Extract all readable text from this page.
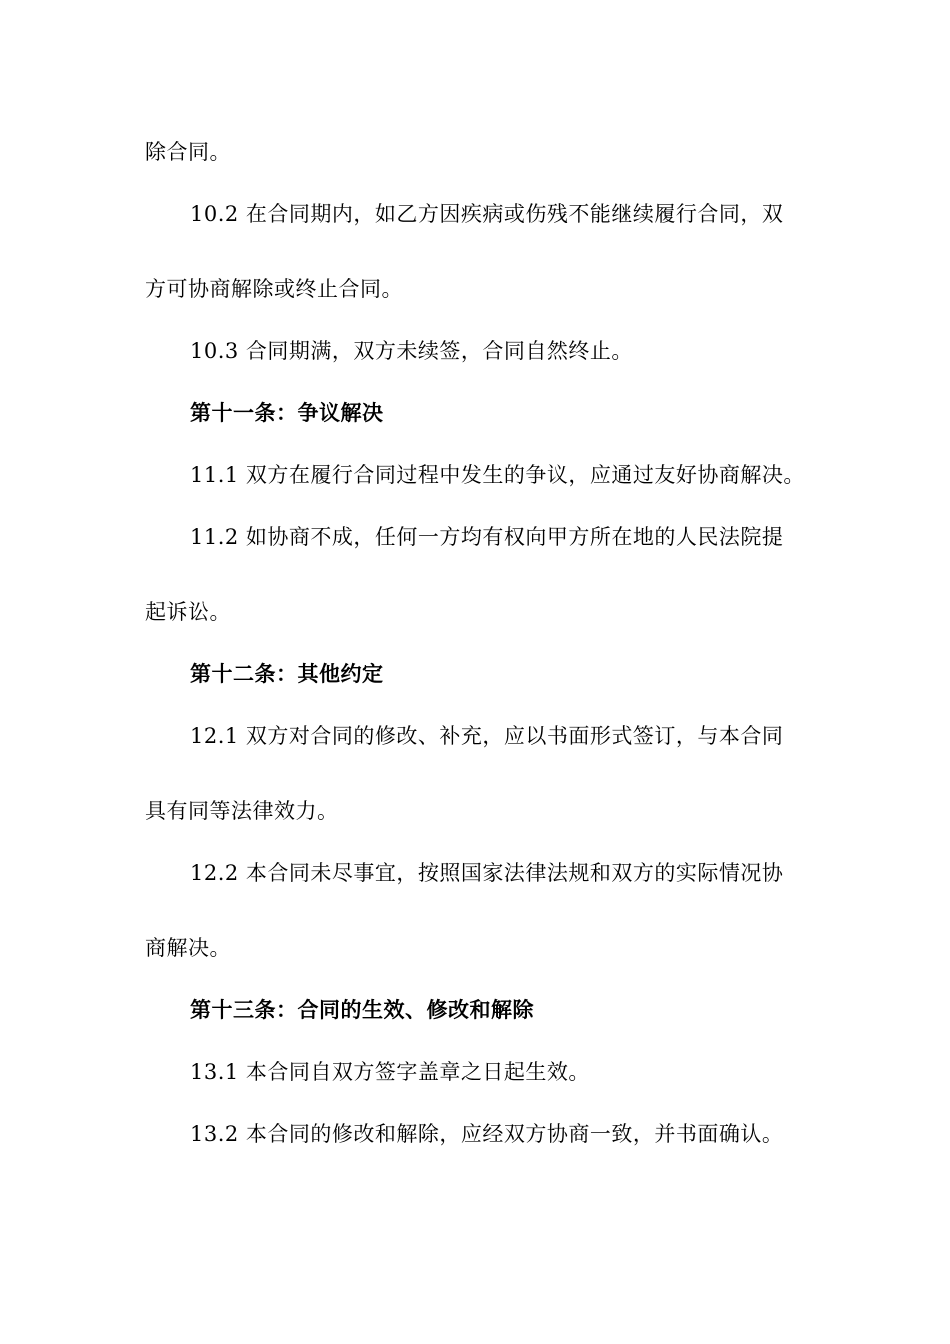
除合同。
10.2 在合同期内，如乙方因疾病或伤残不能继续履行合同，双
方可协商解除或终止合同。
10.3 合同期满，双方未续签，合同自然终止。
第十一条：争议解决
11.1 双方在履行合同过程中发生的争议，应通过友好协商解决。
11.2 如协商不成，任何一方均有权向甲方所在地的人民法院提
起诉讼。
第十二条：其他约定
12.1 双方对合同的修改、补充，应以书面形式签订，与本合同
具有同等法律效力。
12.2 本合同未尽事宜，按照国家法律法规和双方的实际情况协
商解决。
第十三条：合同的生效、修改和解除
13.1 本合同自双方签字盖章之日起生效。
13.2 本合同的修改和解除，应经双方协商一致，并书面确认。
